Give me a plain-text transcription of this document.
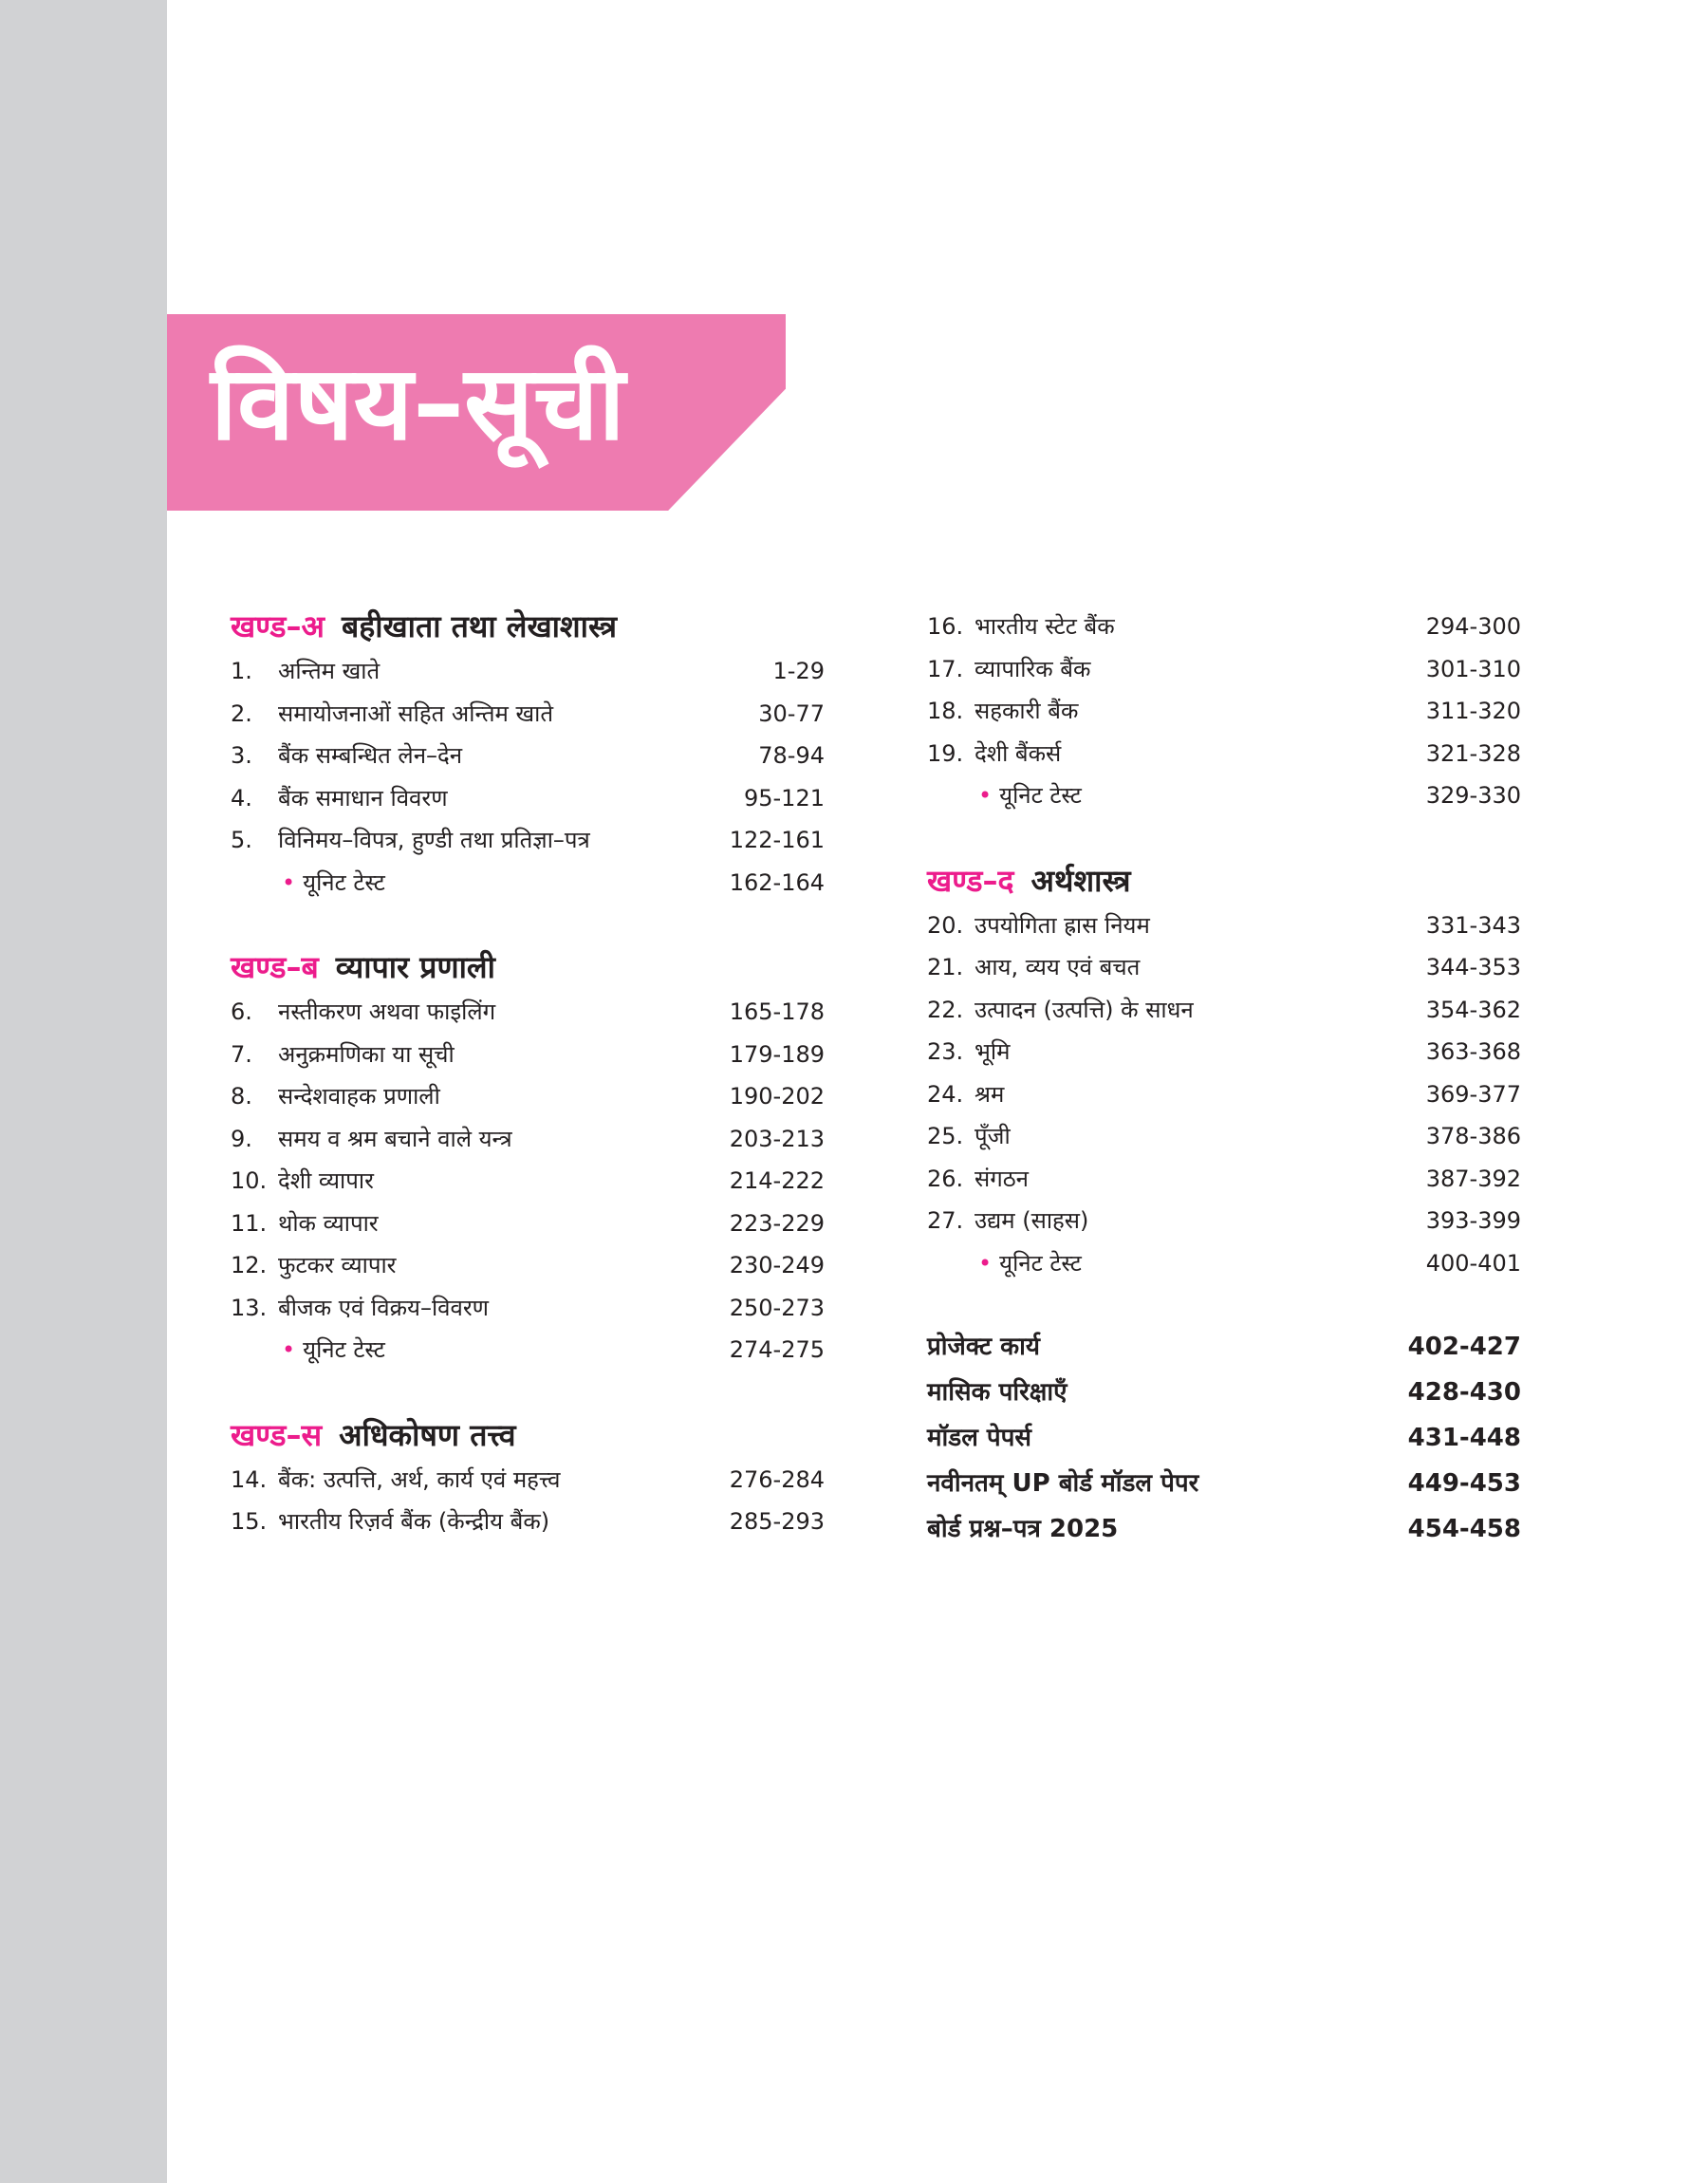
विषय–सूची
खण्ड–अ बहीखाता तथा लेखाशास्त्र
1. अन्तिम खाते	1-29
2. समायोजनाओं सहित अन्तिम खाते	30-77
3. बैंक सम्बन्धित लेन–देन	78-94
4. बैंक समाधान विवरण	95-121
5. विनिमय–विपत्र, हुण्डी तथा प्रतिज्ञा–पत्र	122-161
• यूनिट टेस्ट	162-164
खण्ड–ब व्यापार प्रणाली
6. नस्तीकरण अथवा फाइलिंग	165-178
7. अनुक्रमणिका या सूची	179-189
8. सन्देशवाहक प्रणाली	190-202
9. समय व श्रम बचाने वाले यन्त्र	203-213
10. देशी व्यापार	214-222
11. थोक व्यापार	223-229
12. फुटकर व्यापार	230-249
13. बीजक एवं विक्रय–विवरण	250-273
• यूनिट टेस्ट	274-275
खण्ड–स अधिकोषण तत्त्व
14. बैंक: उत्पत्ति, अर्थ, कार्य एवं महत्त्व	276-284
15. भारतीय रिज़र्व बैंक (केन्द्रीय बैंक)	285-293
16. भारतीय स्टेट बैंक	294-300
17. व्यापारिक बैंक	301-310
18. सहकारी बैंक	311-320
19. देशी बैंकर्स	321-328
• यूनिट टेस्ट	329-330
खण्ड–द अर्थशास्त्र
20. उपयोगिता ह्रास नियम	331-343
21. आय, व्यय एवं बचत	344-353
22. उत्पादन (उत्पत्ति) के साधन	354-362
23. भूमि	363-368
24. श्रम	369-377
25. पूँजी	378-386
26. संगठन	387-392
27. उद्यम (साहस)	393-399
• यूनिट टेस्ट	400-401
प्रोजेक्ट कार्य	402-427
मासिक परिक्षाएँ	428-430
मॉडल पेपर्स	431-448
नवीनतम् UP बोर्ड मॉडल पेपर	449-453
बोर्ड प्रश्न–पत्र 2025	454-458
